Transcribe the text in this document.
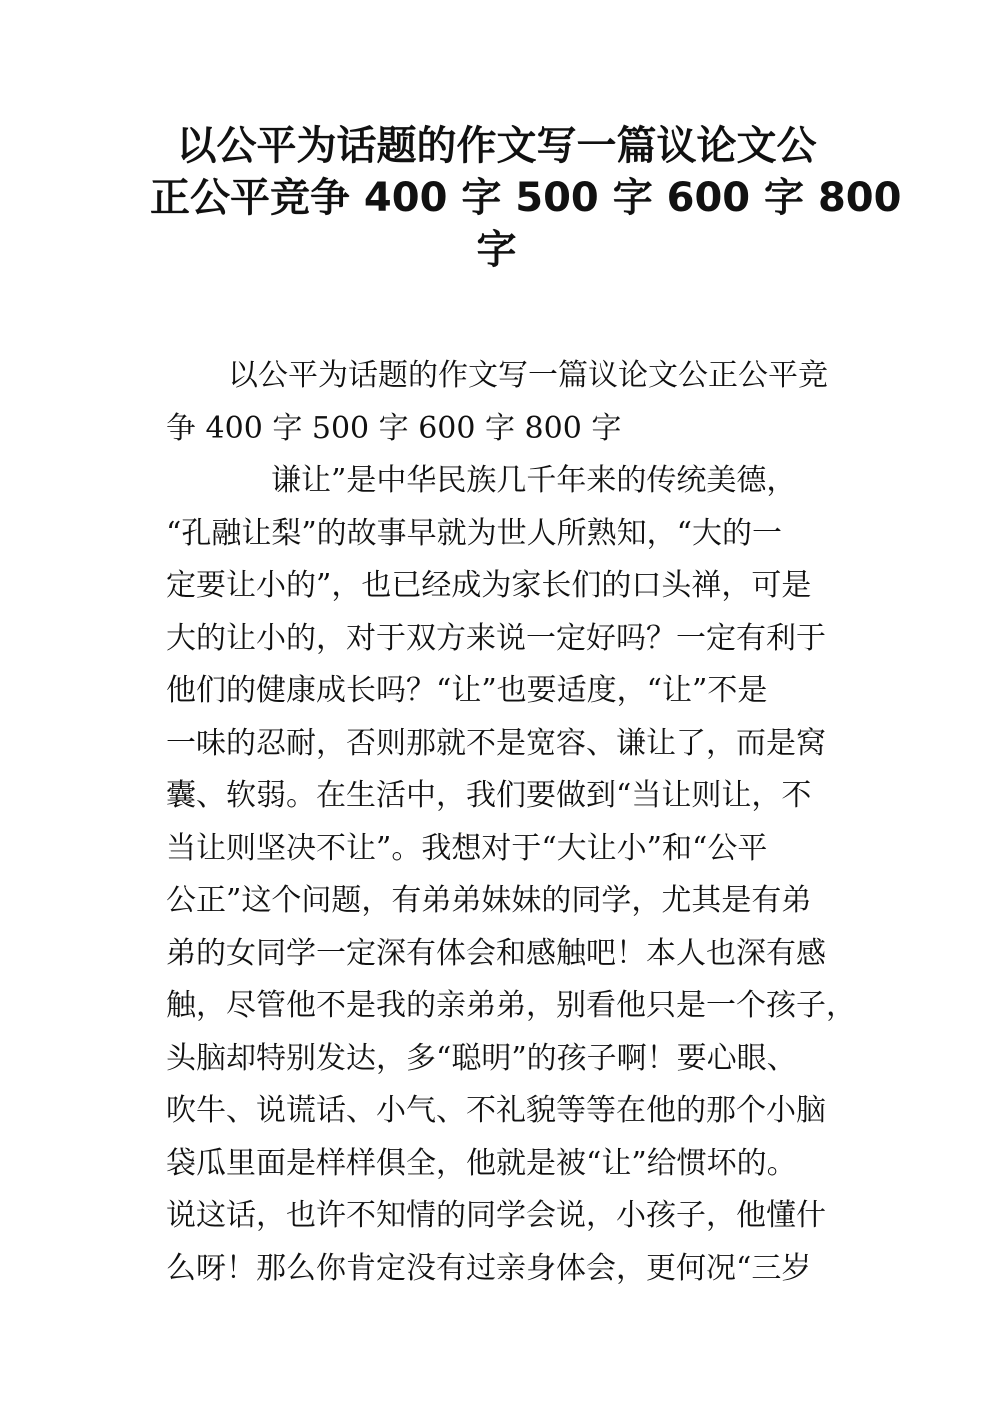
以公平为话题的作文写一篇议论文公
正公平竞争 400 字 500 字 600 字 800
字
以公平为话题的作文写一篇议论文公正公平竞
争 400 字 500 字 600 字 800 字
谦让”是中华民族几千年来的传统美德，
“孔融让梨”的故事早就为世人所熟知，“大的一
定要让小的”，也已经成为家长们的口头禅，可是
大的让小的，对于双方来说一定好吗？一定有利于
他们的健康成长吗？“让”也要适度，“让”不是
一味的忍耐，否则那就不是宽容、谦让了，而是窝
囊、软弱。在生活中，我们要做到“当让则让，不
当让则坚决不让”。我想对于“大让小”和“公平
公正”这个问题，有弟弟妹妹的同学，尤其是有弟
弟的女同学一定深有体会和感触吧！本人也深有感
触，尽管他不是我的亲弟弟，别看他只是一个孩子，
头脑却特别发达，多“聪明”的孩子啊！要心眼、
吹牛、说谎话、小气、不礼貌等等在他的那个小脑
袋瓜里面是样样俱全，他就是被“让”给惯坏的。
说这话，也许不知情的同学会说，小孩子，他懂什
么呀！那么你肯定没有过亲身体会，更何况“三岁
